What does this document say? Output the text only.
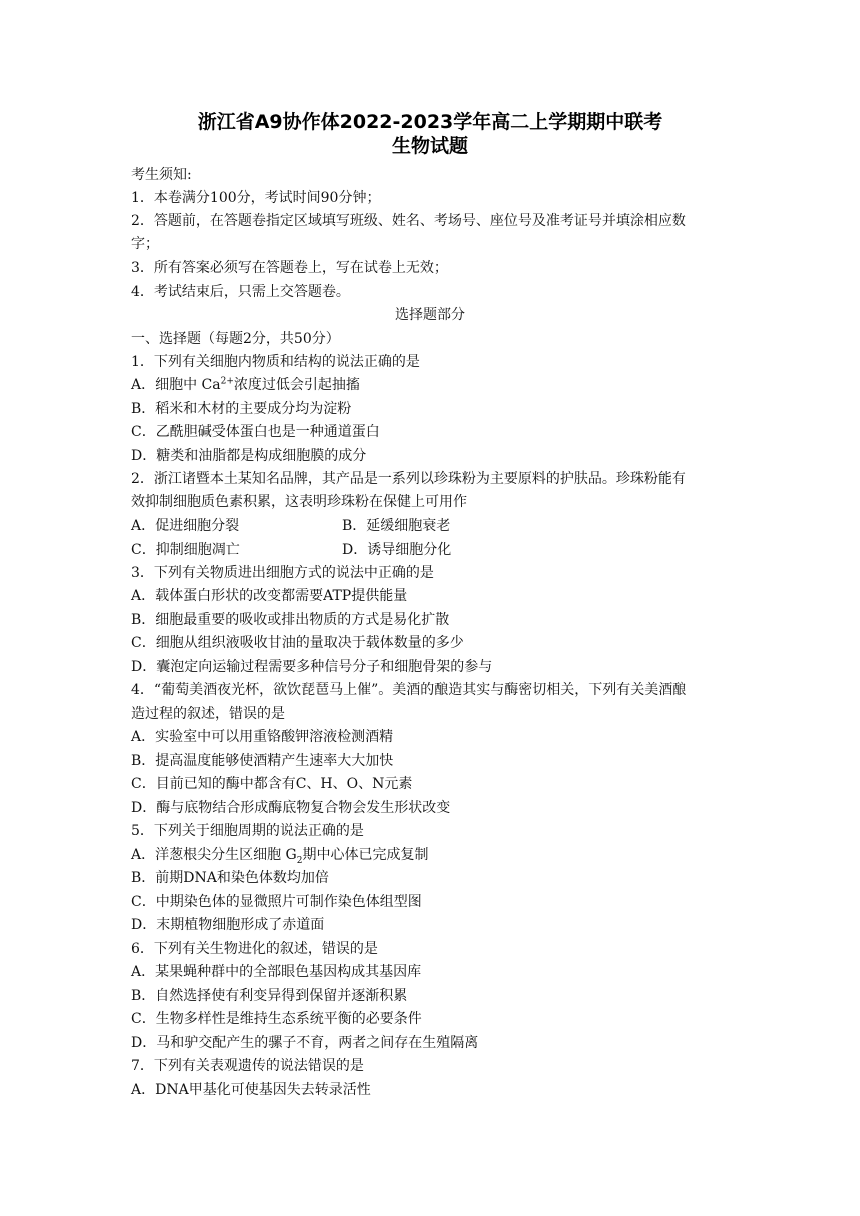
浙江省A9协作体2022-2023学年高二上学期期中联考
生物试题
考生须知:
1．本卷满分100分，考试时间90分钟；
2．答题前，在答题卷指定区域填写班级、姓名、考场号、座位号及准考证号并填涂相应数
字；
3．所有答案必须写在答题卷上，写在试卷上无效；
4．考试结束后，只需上交答题卷。
选择题部分
一、选择题（每题2分，共50分）
1．下列有关细胞内物质和结构的说法正确的是
A．细胞中 $Ca^{2+}$浓度过低会引起抽搐
B．稻米和木材的主要成分均为淀粉
C．乙酰胆碱受体蛋白也是一种通道蛋白
D．糖类和油脂都是构成细胞膜的成分
2．浙江诸暨本土某知名品牌，其产品是一系列以珍珠粉为主要原料的护肤品。珍珠粉能有
效抑制细胞质色素积累，这表明珍珠粉在保健上可用作
A．促进细胞分裂	B．延缓细胞衰老
C．抑制细胞凋亡	D．诱导细胞分化
3．下列有关物质进出细胞方式的说法中正确的是
A．载体蛋白形状的改变都需要ATP提供能量
B．细胞最重要的吸收或排出物质的方式是易化扩散
C．细胞从组织液吸收甘油的量取决于载体数量的多少
D．囊泡定向运输过程需要多种信号分子和细胞骨架的参与
4．“葡萄美酒夜光杯，欲饮琵琶马上催”。美酒的酿造其实与酶密切相关，下列有关美酒酿
造过程的叙述，错误的是
A．实验室中可以用重铬酸钾溶液检测酒精
B．提高温度能够使酒精产生速率大大加快
C．目前已知的酶中都含有C、H、O、N元素
D．酶与底物结合形成酶底物复合物会发生形状改变
5．下列关于细胞周期的说法正确的是
A．洋葱根尖分生区细胞 $G_2$期中心体已完成复制
B．前期DNA和染色体数均加倍
C．中期染色体的显微照片可制作染色体组型图
D．末期植物细胞形成了赤道面
6．下列有关生物进化的叙述，错误的是
A．某果蝇种群中的全部眼色基因构成其基因库
B．自然选择使有利变异得到保留并逐渐积累
C．生物多样性是维持生态系统平衡的必要条件
D．马和驴交配产生的骡子不育，两者之间存在生殖隔离
7．下列有关表观遗传的说法错误的是
A．DNA甲基化可使基因失去转录活性
